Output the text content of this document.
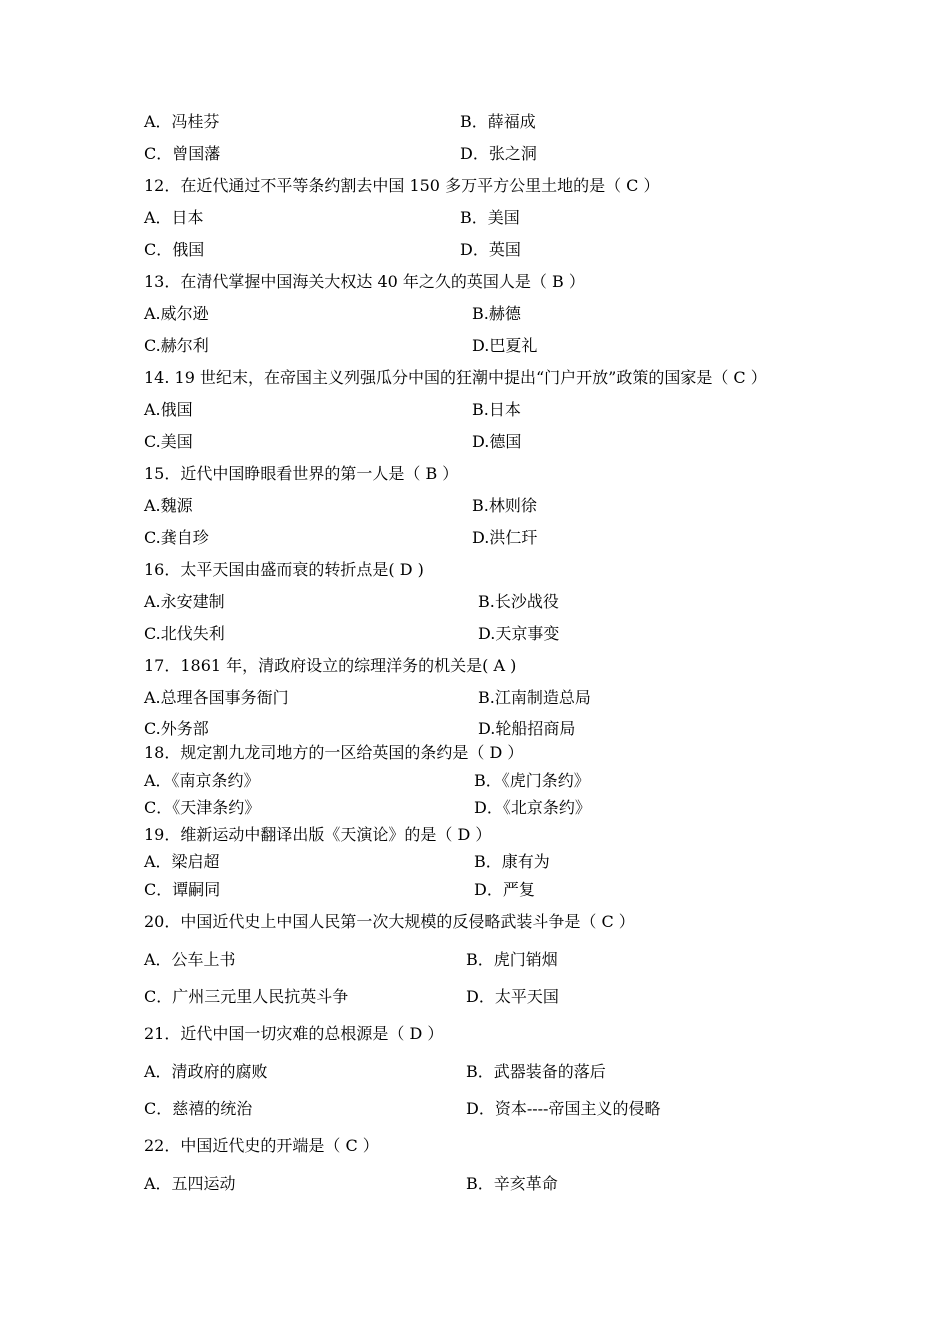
A．冯桂芬	B．薛福成
C．曾国藩	D．张之洞
12．在近代通过不平等条约割去中国 150 多万平方公里土地的是（ C ）
A．日本	B．美国
C．俄国	D．英国
13．在清代掌握中国海关大权达 40 年之久的英国人是（ B ）
A.威尔逊	B.赫德
C.赫尔利	D.巴夏礼
14. 19 世纪末，在帝国主义列强瓜分中国的狂潮中提出“门户开放”政策的国家是（ C ）
A.俄国	B.日本
C.美国	D.德国
15．近代中国睁眼看世界的第一人是（ B ）
A.魏源	B.林则徐
C.龚自珍	D.洪仁玕
16．太平天国由盛而衰的转折点是( D )
A.永安建制	B.长沙战役
C.北伐失利	D.天京事变
17．1861 年，清政府设立的综理洋务的机关是( A )
A.总理各国事务衙门	B.江南制造总局
C.外务部	D.轮船招商局
18．规定割九龙司地方的一区给英国的条约是（ D ）
A．《南京条约》	B．《虎门条约》
C．《天津条约》	D．《北京条约》
19．维新运动中翻译出版《天演论》的是（ D ）
A．梁启超	B．康有为
C．谭嗣同	D．严复
20．中国近代史上中国人民第一次大规模的反侵略武装斗争是（ C ）
A．公车上书	B．虎门销烟
C．广州三元里人民抗英斗争	D．太平天国
21．近代中国一切灾难的总根源是（ D ）
A．清政府的腐败	B．武器装备的落后
C．慈禧的统治	D．资本----帝国主义的侵略
22．中国近代史的开端是（ C ）
A．五四运动	B．辛亥革命
